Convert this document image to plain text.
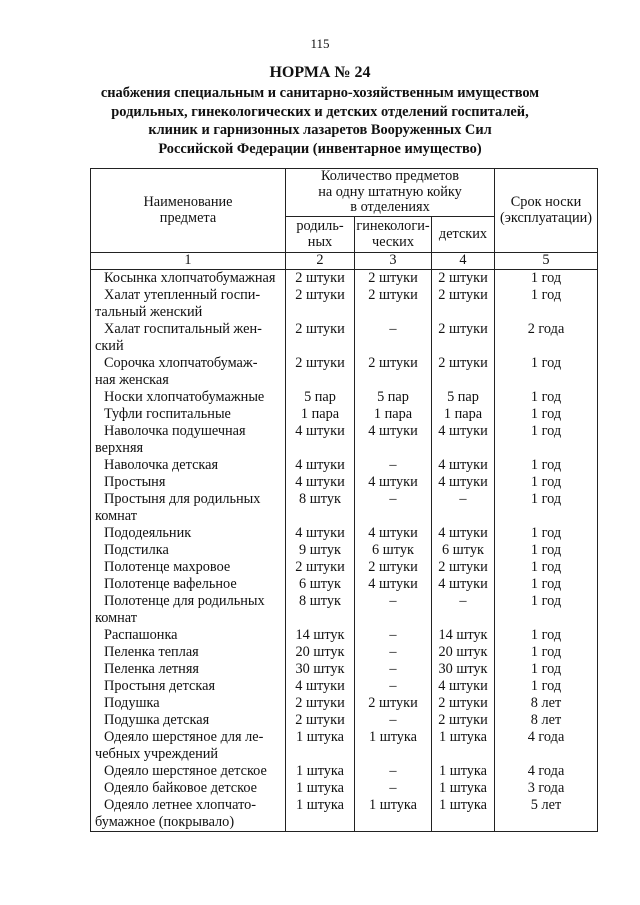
115
НОРМА № 24
снабжения специальным и санитарно-хозяйственным имуществом
родильных, гинекологических и детских отделений госпиталей,
клиник и гарнизонных лазаретов Вооруженных Сил
Российской Федерации (инвентарное имущество)
Наименование
предмета	Количество предметов
на одну штатную койку
в отделениях			Срок носки
(эксплуатации)

	родиль-
ных	гинекологи-
ческих	детских	
1	2	3	4	5

Косынка хлопчатобумажная	2 штуки	2 штуки	2 штуки	1 год

Халат утепленный госпи-
тальный женский	2 штуки	2 штуки	2 штуки	1 год

Халат госпитальный жен-
ский	2 штуки	–	2 штуки	2 года

Сорочка хлопчатобумаж-
ная женская	2 штуки	2 штуки	2 штуки	1 год

Носки хлопчатобумажные	5 пар	5 пар	5 пар	1 год

Туфли госпитальные	1 пара	1 пара	1 пара	1 год

Наволочка подушечная
верхняя	4 штуки	4 штуки	4 штуки	1 год

Наволочка детская	4 штуки	–	4 штуки	1 год

Простыня	4 штуки	4 штуки	4 штуки	1 год

Простыня для родильных
комнат	8 штук	–	–	1 год

Пододеяльник	4 штуки	4 штуки	4 штуки	1 год

Подстилка	9 штук	6 штук	6 штук	1 год

Полотенце махровое	2 штуки	2 штуки	2 штуки	1 год

Полотенце вафельное	6 штук	4 штуки	4 штуки	1 год

Полотенце для родильных
комнат	8 штук	–	–	1 год

Распашонка	14 штук	–	14 штук	1 год

Пеленка теплая	20 штук	–	20 штук	1 год

Пеленка летняя	30 штук	–	30 штук	1 год

Простыня детская	4 штуки	–	4 штуки	1 год

Подушка	2 штуки	2 штуки	2 штуки	8 лет

Подушка детская	2 штуки	–	2 штуки	8 лет

Одеяло шерстяное для ле-
чебных учреждений	1 штука	1 штука	1 штука	4 года

Одеяло шерстяное детское	1 штука	–	1 штука	4 года

Одеяло байковое детское	1 штука	–	1 штука	3 года

Одеяло летнее хлопчато-
бумажное (покрывало)	1 штука	1 штука	1 штука	5 лет
